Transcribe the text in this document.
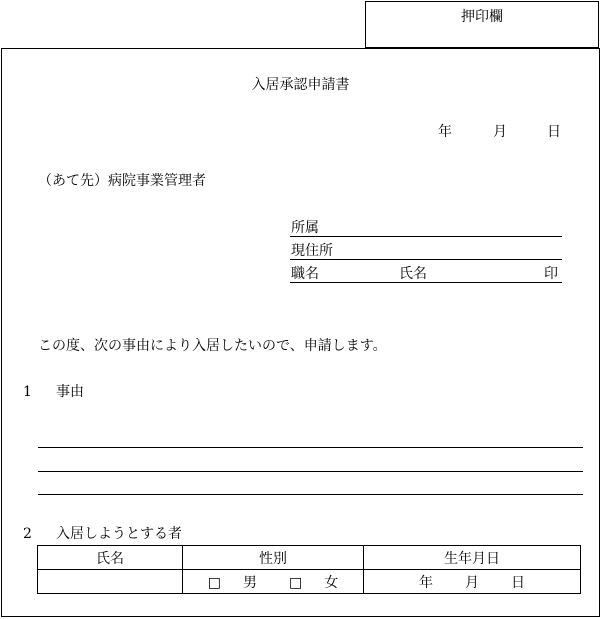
押印欄
入居承認申請書
年	月	日
（あて先）病院事業管理者
所属
現住所
職名	氏名	印
この度、次の事由により入居したいので、申請します。
1 事由
2 入居しようとする者
氏名	性別	生年月日
	□ 男 □ 女	年 月 日
